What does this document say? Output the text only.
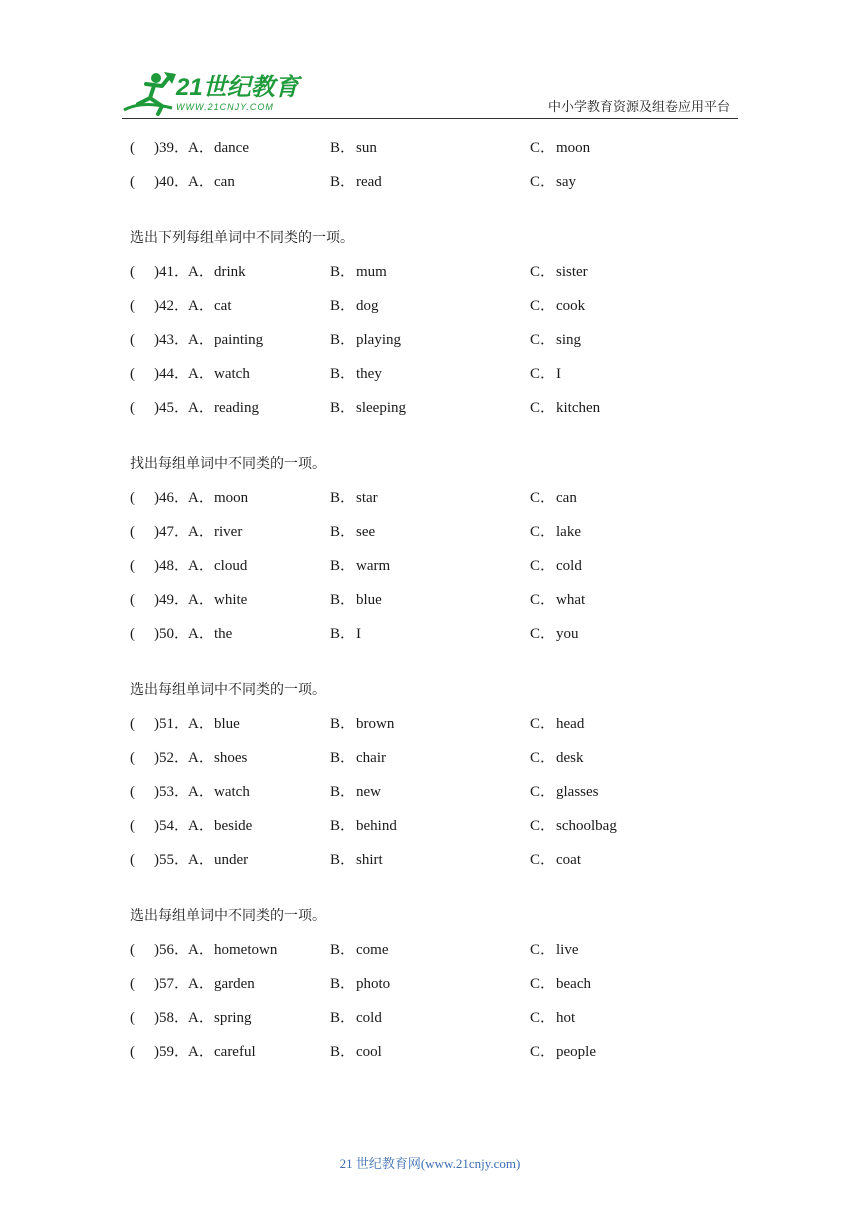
21世纪教育
WWW.21CNJY.COM	中小学教育资源及组卷应用平台
( )39． A．dance	B．sun	C．moon
( )40． A．can	B．read	C．say
选出下列每组单词中不同类的一项。
( )41． A．drink	B．mum	C．sister
( )42． A．cat	B．dog	C．cook
( )43． A．painting	B．playing	C．sing
( )44． A．watch	B．they	C．I
( )45． A．reading	B．sleeping	C．kitchen
找出每组单词中不同类的一项。
( )46． A．moon	B．star	C．can
( )47． A．river	B．see	C．lake
( )48． A．cloud	B．warm	C．cold
( )49． A．white	B．blue	C．what
( )50． A．the	B．I	C．you
选出每组单词中不同类的一项。
( )51． A．blue	B．brown	C．head
( )52． A．shoes	B．chair	C．desk
( )53． A．watch	B．new	C．glasses
( )54． A．beside	B．behind	C．schoolbag
( )55． A．under	B．shirt	C．coat
选出每组单词中不同类的一项。
( )56． A．hometown	B．come	C．live
( )57． A．garden	B．photo	C．beach
( )58． A．spring	B．cold	C．hot
( )59． A．careful	B．cool	C．people
21 世纪教育网(www.21cnjy.com)
